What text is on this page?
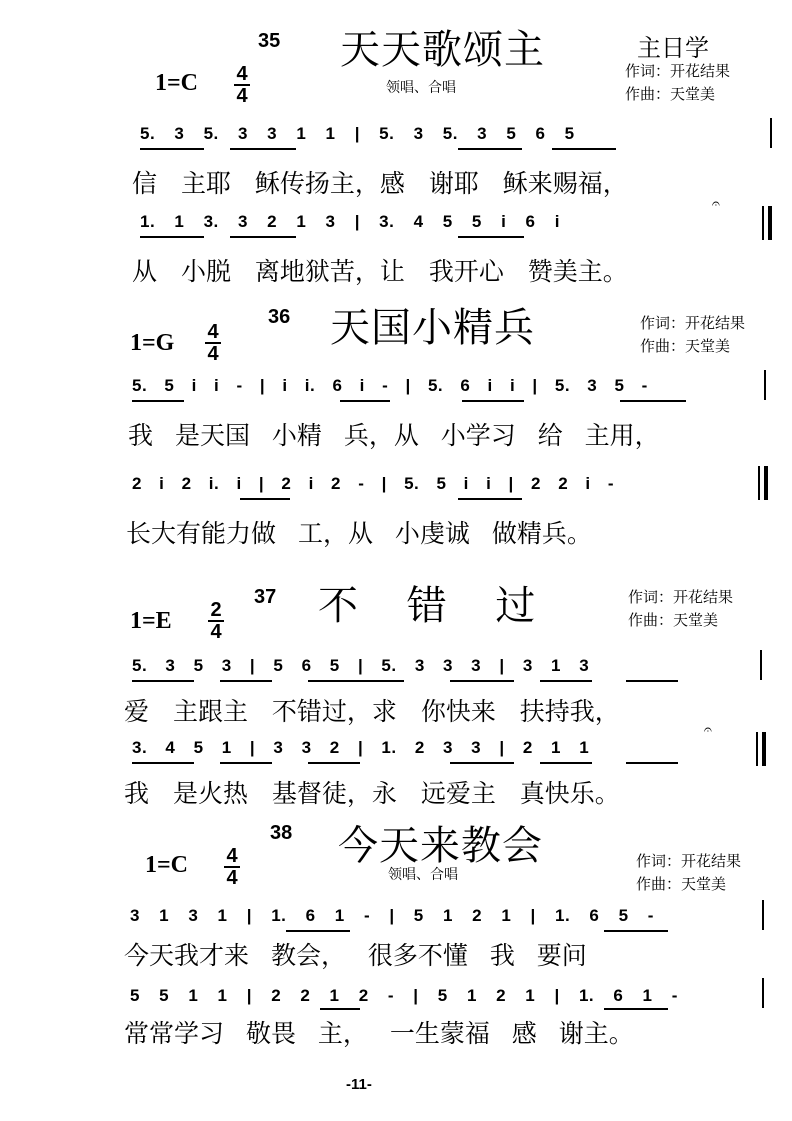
35 天天歌颂主	主日学
1=C 4
4	领唱、合唱
作词：开花结果
作曲：天堂美
5. 3 5. 3 3 1 1 | 5. 3 5. 3 5 6 5
信 主耶 稣传扬主，感 谢耶 稣来赐福，
1. 1 3. 3 2 1 3 | 3. 4 5 5 i 6 i
𝄐
从 小脱 离地狱苦，让 我开心 赞美主。
36 天国小精兵
1=G 4
4
作词：开花结果
作曲：天堂美
5. 5 i i - | i i. 6 i - | 5. 6 i i | 5. 3 5 -
我 是天国 小精 兵，从 小学习 给 主用，
2 i 2 i. i | 2 i 2 - | 5. 5 i i | 2 2 i -
长大有能力做 工，从 小虔诚 做精兵。
37 不 错 过
1=E 2
4
作词：开花结果
作曲：天堂美
5. 3 5 3 | 5 6 5 | 5. 3 3 3 | 3 1 3
爱 主跟主 不错过，求 你快来 扶持我，
3. 4 5 1 | 3 3 2 | 1. 2 3 3 | 2 1 1
𝄐
我 是火热 基督徒，永 远爱主 真快乐。
38 今天来教会
1=C 4
4	领唱、合唱
作词：开花结果
作曲：天堂美
3 1 3 1 | 1. 6 1 - | 5 1 2 1 | 1. 6 5 -
今天我才来 教会， 很多不懂 我 要问
5 5 1 1 | 2 2 1 2 - | 5 1 2 1 | 1. 6 1 -
常常学习 敬畏 主， 一生蒙福 感 谢主。
-11-
